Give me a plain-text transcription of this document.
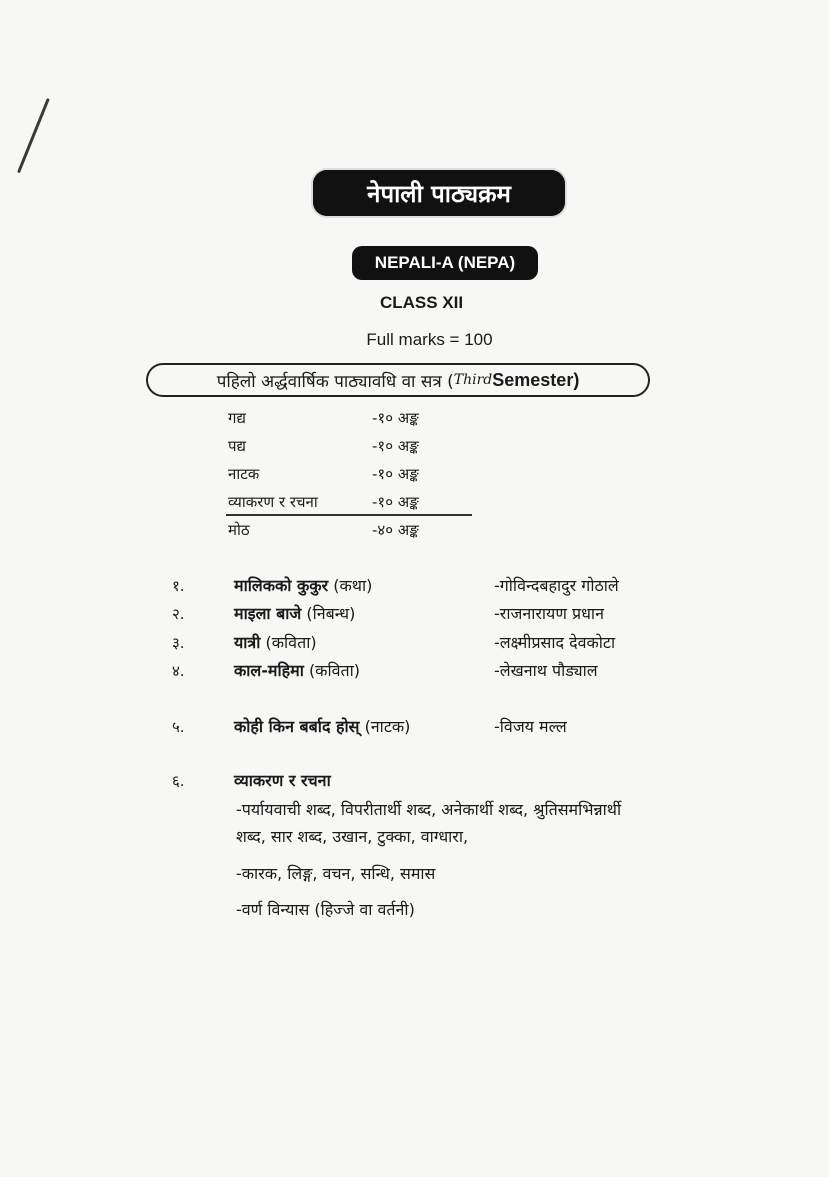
नेपाली पाठ्यक्रम
NEPALI-A (NEPA)
CLASS XII
Full marks = 100
पहिलो अर्द्धवार्षिक पाठ्यावधि वा सत्र ( Third Semester)
गद्य	-१० अङ्क
पद्य	-१० अङ्क
नाटक	-१० अङ्क
व्याकरण र रचना	-१० अङ्क
मोठ	-४० अङ्क
१.	मालिकको कुकुर (कथा)	-गोविन्दबहादुर गोठाले
२.	माइला बाजे (निबन्ध)	-राजनारायण प्रधान
३.	यात्री (कविता)	-लक्ष्मीप्रसाद देवकोटा
४.	काल-महिमा (कविता)	-लेखनाथ पौड्याल
५.	कोही किन बर्बाद होस् (नाटक)	-विजय मल्ल
६.	व्याकरण र रचना
-पर्यायवाची शब्द, विपरीतार्थी शब्द, अनेकार्थी शब्द, श्रुतिसमभिन्नार्थी
शब्द, सार शब्द, उखान, टुक्का, वाग्धारा,
-कारक, लिङ्ग, वचन, सन्धि, समास
-वर्ण विन्यास (हिज्जे वा वर्तनी)
